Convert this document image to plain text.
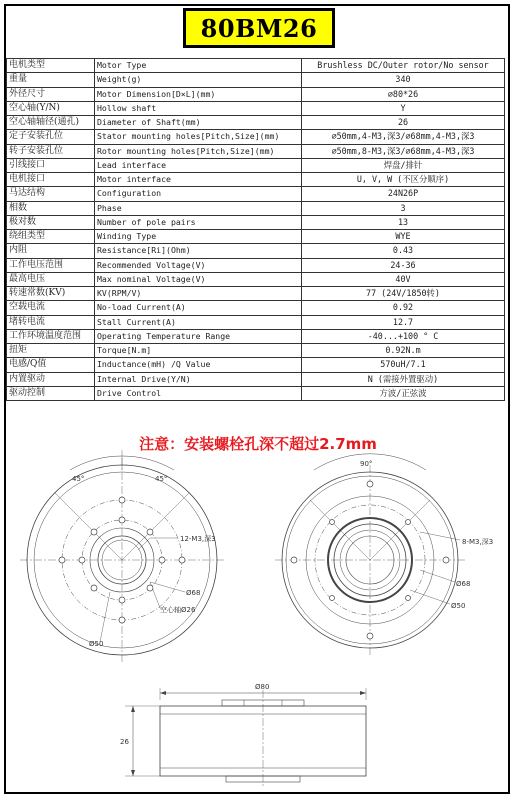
80BM26
电机类型	Motor Type	Brushless DC/Outer rotor/No sensor
重量	Weight(g)	340
外径尺寸	Motor Dimension[D×L](mm)	⌀80*26
空心轴(Y/N)	Hollow shaft	Y
空心轴轴径(通孔)	Diameter of Shaft(mm)	26
定子安装孔位	Stator mounting holes[Pitch,Size](mm)	⌀50mm,4-M3,深3/⌀68mm,4-M3,深3
转子安装孔位	Rotor mounting holes[Pitch,Size](mm)	⌀50mm,8-M3,深3/⌀68mm,4-M3,深3
引线接口	Lead interface	焊盘/排针
电机接口	Motor interface	U, V, W (不区分顺序)
马达结构	Configuration	24N26P
相数	Phase	3
极对数	Number of pole pairs	13
绕组类型	Winding Type	WYE
内阻	Resistance[Ri](Ohm)	0.43
工作电压范围	Recommended Voltage(V)	24-36
最高电压	Max nominal Voltage(V)	40V
转速常数(KV)	KV(RPM/V)	77 (24V/1850转)
空载电流	No-load Current(A)	0.92
堵转电流	Stall Current(A)	12.7
工作环境温度范围	Operating Temperature Range	-40...+100 ° C
扭矩	Torque[N.m]	0.92N.m
电感/Q值	Inductance(mH) /Q Value	570uH/7.1
内置驱动	Internal Drive(Y/N)	N (需接外置驱动)
驱动控制	Drive Control	方波/正弦波
注意：安装螺栓孔深不超过2.7mm
45°	45°
12-M3,深3
Ø68
空心轴Ø26
Ø50
90°
8-M3,深3
Ø68
Ø50
Ø80
26
